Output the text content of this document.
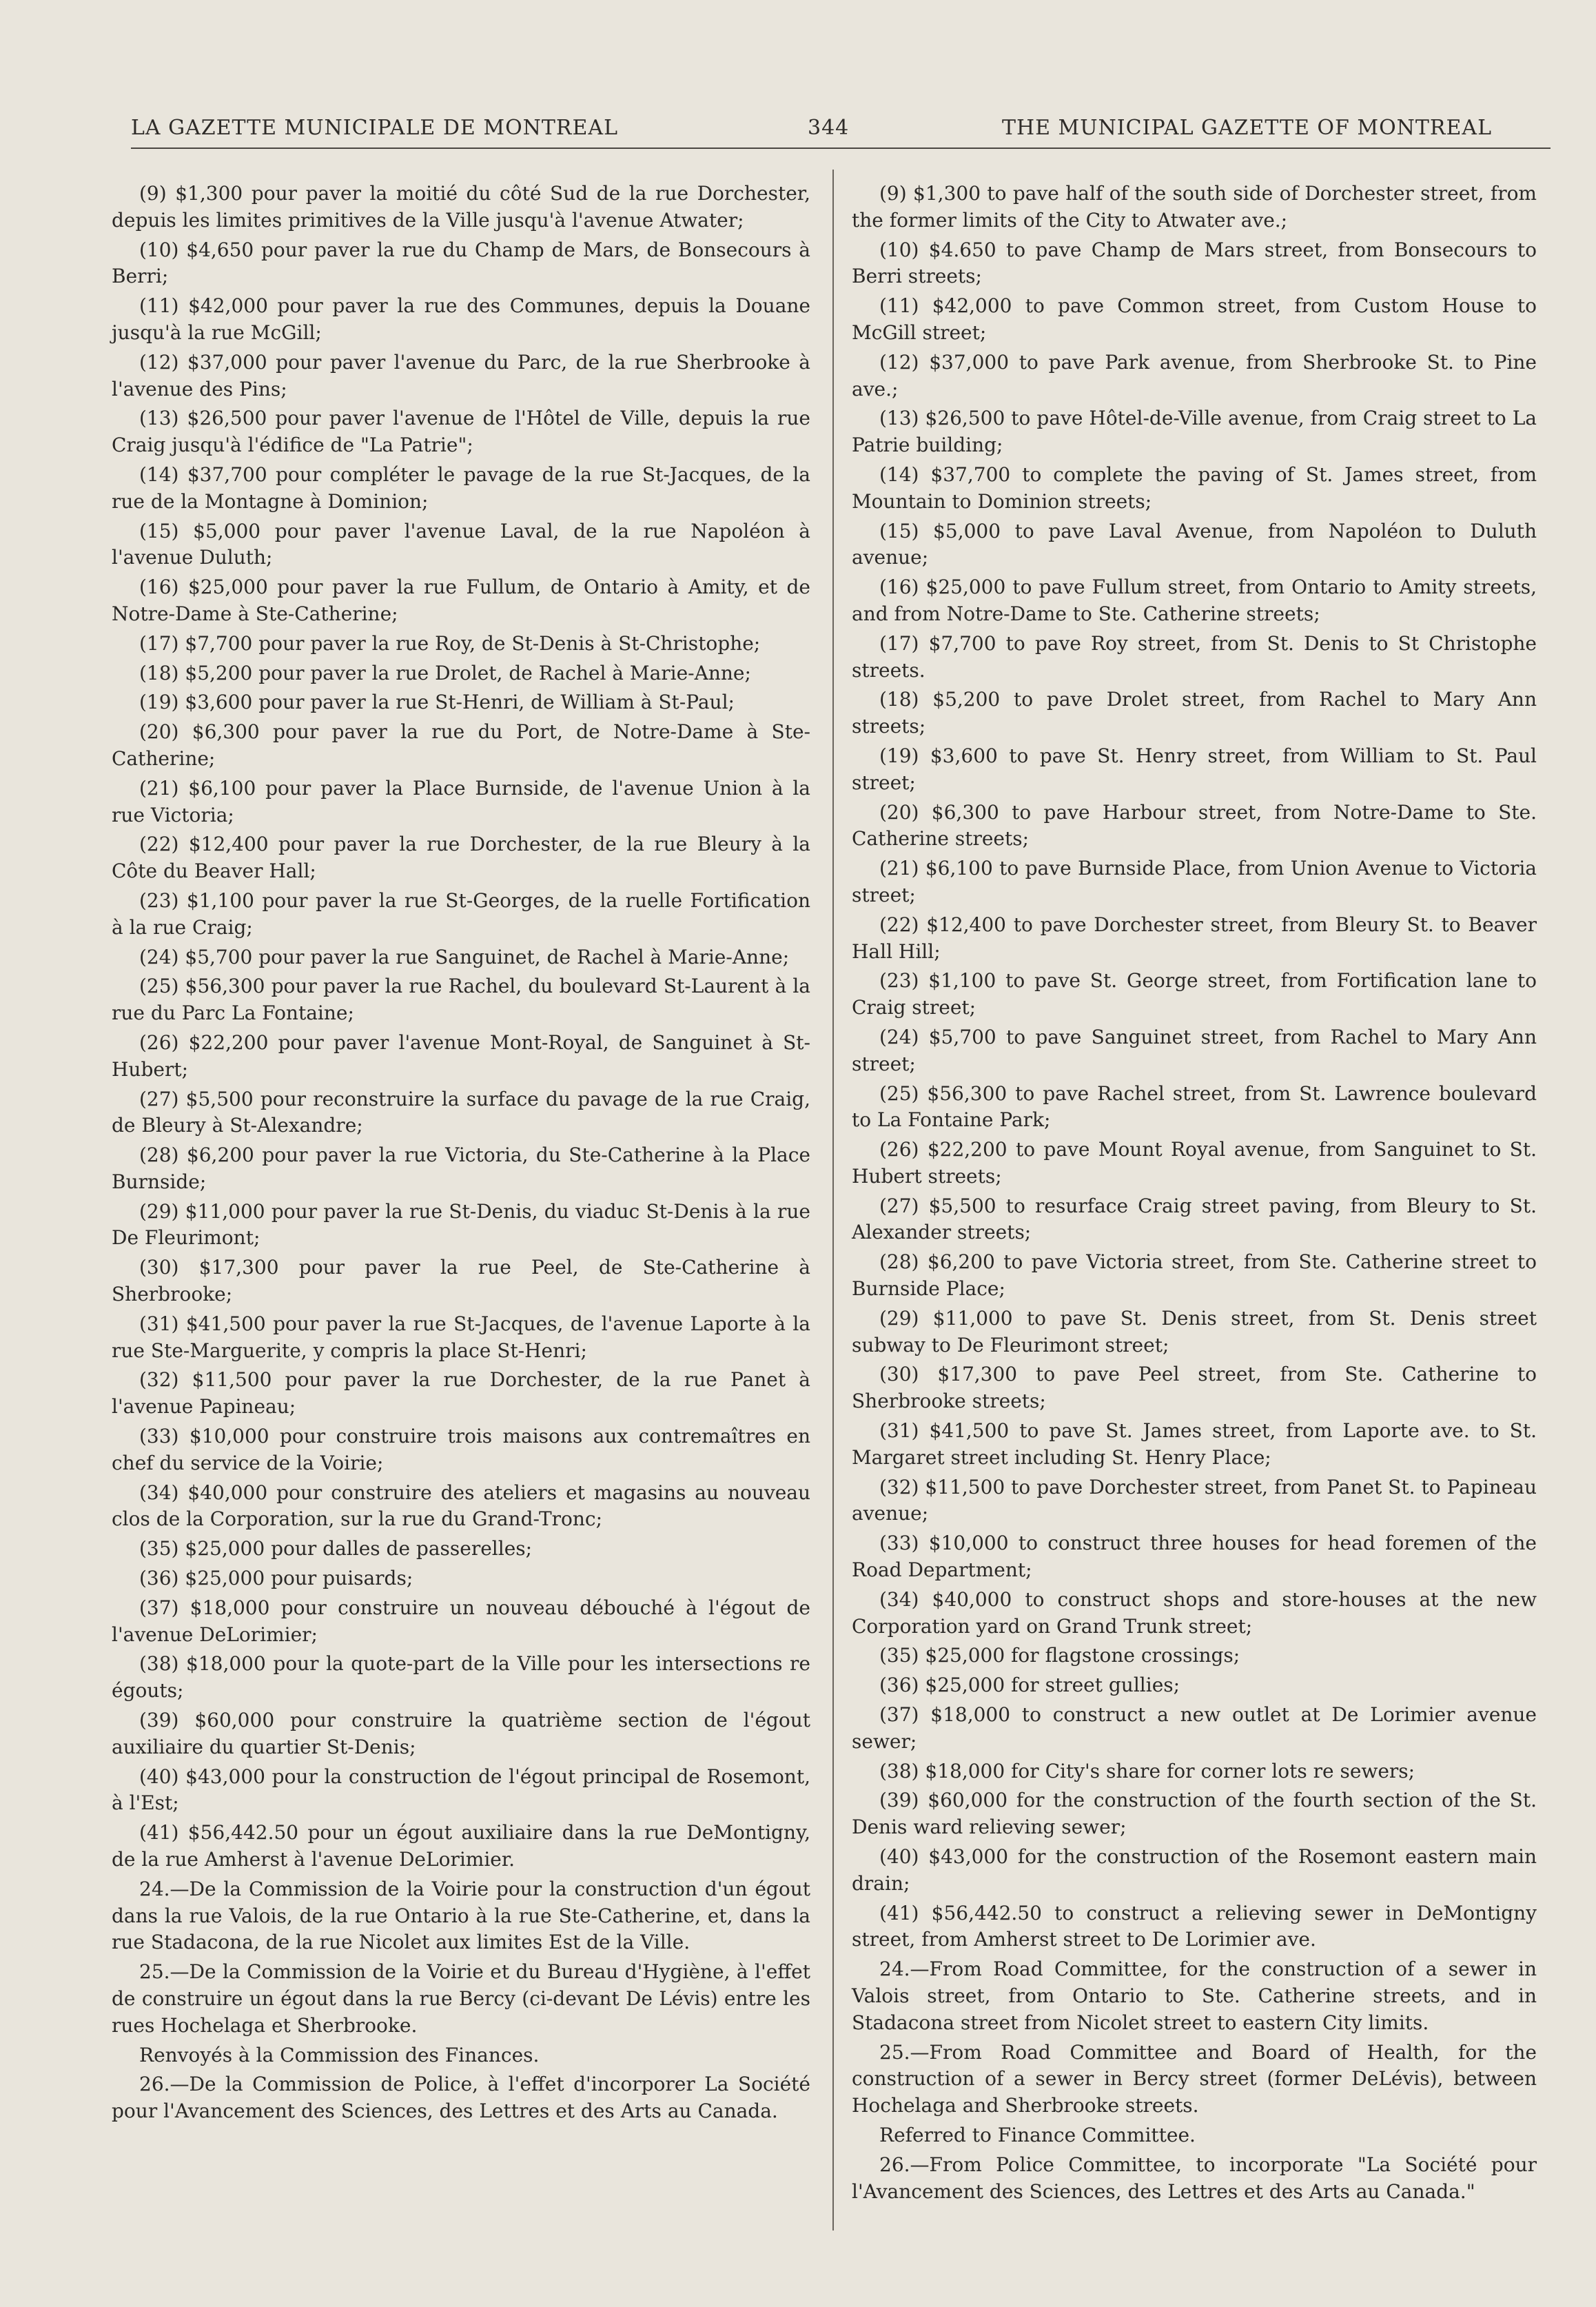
LA GAZETTE MUNICIPALE DE MONTREAL	344	THE MUNICIPAL GAZETTE OF MONTREAL

(9) $1,300 pour paver la moitié du côté Sud de la rue Dorchester, depuis les limites primitives de la Ville jusqu'à l'avenue Atwater;

(10) $4,650 pour paver la rue du Champ de Mars, de Bonsecours à Berri;

(11) $42,000 pour paver la rue des Communes, depuis la Douane jusqu'à la rue McGill;

(12) $37,000 pour paver l'avenue du Parc, de la rue Sherbrooke à l'avenue des Pins;

(13) $26,500 pour paver l'avenue de l'Hôtel de Ville, depuis la rue Craig jusqu'à l'édifice de "La Patrie";

(14) $37,700 pour compléter le pavage de la rue St-Jacques, de la rue de la Montagne à Dominion;

(15) $5,000 pour paver l'avenue Laval, de la rue Napoléon à l'avenue Duluth;

(16) $25,000 pour paver la rue Fullum, de Ontario à Amity, et de Notre-Dame à Ste-Catherine;

(17) $7,700 pour paver la rue Roy, de St-Denis à St-Christophe;

(18) $5,200 pour paver la rue Drolet, de Rachel à Marie-Anne;

(19) $3,600 pour paver la rue St-Henri, de William à St-Paul;

(20) $6,300 pour paver la rue du Port, de Notre-Dame à Ste-Catherine;

(21) $6,100 pour paver la Place Burnside, de l'avenue Union à la rue Victoria;

(22) $12,400 pour paver la rue Dorchester, de la rue Bleury à la Côte du Beaver Hall;

(23) $1,100 pour paver la rue St-Georges, de la ruelle Fortification à la rue Craig;

(24) $5,700 pour paver la rue Sanguinet, de Rachel à Marie-Anne;

(25) $56,300 pour paver la rue Rachel, du boulevard St-Laurent à la rue du Parc La Fontaine;

(26) $22,200 pour paver l'avenue Mont-Royal, de Sanguinet à St-Hubert;

(27) $5,500 pour reconstruire la surface du pavage de la rue Craig, de Bleury à St-Alexandre;

(28) $6,200 pour paver la rue Victoria, du Ste-Catherine à la Place Burnside;

(29) $11,000 pour paver la rue St-Denis, du viaduc St-Denis à la rue De Fleurimont;

(30) $17,300 pour paver la rue Peel, de Ste-Catherine à Sherbrooke;

(31) $41,500 pour paver la rue St-Jacques, de l'avenue Laporte à la rue Ste-Marguerite, y compris la place St-Henri;

(32) $11,500 pour paver la rue Dorchester, de la rue Panet à l'avenue Papineau;

(33) $10,000 pour construire trois maisons aux contremaîtres en chef du service de la Voirie;

(34) $40,000 pour construire des ateliers et magasins au nouveau clos de la Corporation, sur la rue du Grand-Tronc;

(35) $25,000 pour dalles de passerelles;

(36) $25,000 pour puisards;

(37) $18,000 pour construire un nouveau débouché à l'égout de l'avenue DeLorimier;

(38) $18,000 pour la quote-part de la Ville pour les intersections re égouts;

(39) $60,000 pour construire la quatrième section de l'égout auxiliaire du quartier St-Denis;

(40) $43,000 pour la construction de l'égout principal de Rosemont, à l'Est;

(41) $56,442.50 pour un égout auxiliaire dans la rue DeMontigny, de la rue Amherst à l'avenue DeLorimier.

24.—De la Commission de la Voirie pour la construction d'un égout dans la rue Valois, de la rue Ontario à la rue Ste-Catherine, et, dans la rue Stadacona, de la rue Nicolet aux limites Est de la Ville.

25.—De la Commission de la Voirie et du Bureau d'Hygiène, à l'effet de construire un égout dans la rue Bercy (ci-devant De Lévis) entre les rues Hochelaga et Sherbrooke.

Renvoyés à la Commission des Finances.

26.—De la Commission de Police, à l'effet d'incorporer La Société pour l'Avancement des Sciences, des Lettres et des Arts au Canada.

(9) $1,300 to pave half of the south side of Dorchester street, from the former limits of the City to Atwater ave.;

(10) $4.650 to pave Champ de Mars street, from Bonsecours to Berri streets;

(11) $42,000 to pave Common street, from Custom House to McGill street;

(12) $37,000 to pave Park avenue, from Sherbrooke St. to Pine ave.;

(13) $26,500 to pave Hôtel-de-Ville avenue, from Craig street to La Patrie building;

(14) $37,700 to complete the paving of St. James street, from Mountain to Dominion streets;

(15) $5,000 to pave Laval Avenue, from Napoléon to Duluth avenue;

(16) $25,000 to pave Fullum street, from Ontario to Amity streets, and from Notre-Dame to Ste. Catherine streets;

(17) $7,700 to pave Roy street, from St. Denis to St Christophe streets.

(18) $5,200 to pave Drolet street, from Rachel to Mary Ann streets;

(19) $3,600 to pave St. Henry street, from William to St. Paul street;

(20) $6,300 to pave Harbour street, from Notre-Dame to Ste. Catherine streets;

(21) $6,100 to pave Burnside Place, from Union Avenue to Victoria street;

(22) $12,400 to pave Dorchester street, from Bleury St. to Beaver Hall Hill;

(23) $1,100 to pave St. George street, from Fortification lane to Craig street;

(24) $5,700 to pave Sanguinet street, from Rachel to Mary Ann street;

(25) $56,300 to pave Rachel street, from St. Lawrence boulevard to La Fontaine Park;

(26) $22,200 to pave Mount Royal avenue, from Sanguinet to St. Hubert streets;

(27) $5,500 to resurface Craig street paving, from Bleury to St. Alexander streets;

(28) $6,200 to pave Victoria street, from Ste. Catherine street to Burnside Place;

(29) $11,000 to pave St. Denis street, from St. Denis street subway to De Fleurimont street;

(30) $17,300 to pave Peel street, from Ste. Catherine to Sherbrooke streets;

(31) $41,500 to pave St. James street, from Laporte ave. to St. Margaret street including St. Henry Place;

(32) $11,500 to pave Dorchester street, from Panet St. to Papineau avenue;

(33) $10,000 to construct three houses for head foremen of the Road Department;

(34) $40,000 to construct shops and store-houses at the new Corporation yard on Grand Trunk street;

(35) $25,000 for flagstone crossings;

(36) $25,000 for street gullies;

(37) $18,000 to construct a new outlet at De Lorimier avenue sewer;

(38) $18,000 for City's share for corner lots re sewers;

(39) $60,000 for the construction of the fourth section of the St. Denis ward relieving sewer;

(40) $43,000 for the construction of the Rosemont eastern main drain;

(41) $56,442.50 to construct a relieving sewer in DeMontigny street, from Amherst street to De Lorimier ave.

24.—From Road Committee, for the construction of a sewer in Valois street, from Ontario to Ste. Catherine streets, and in Stadacona street from Nicolet street to eastern City limits.

25.—From Road Committee and Board of Health, for the construction of a sewer in Bercy street (former DeLévis), between Hochelaga and Sherbrooke streets.

Referred to Finance Committee.

26.—From Police Committee, to incorporate "La Société pour l'Avancement des Sciences, des Lettres et des Arts au Canada."
